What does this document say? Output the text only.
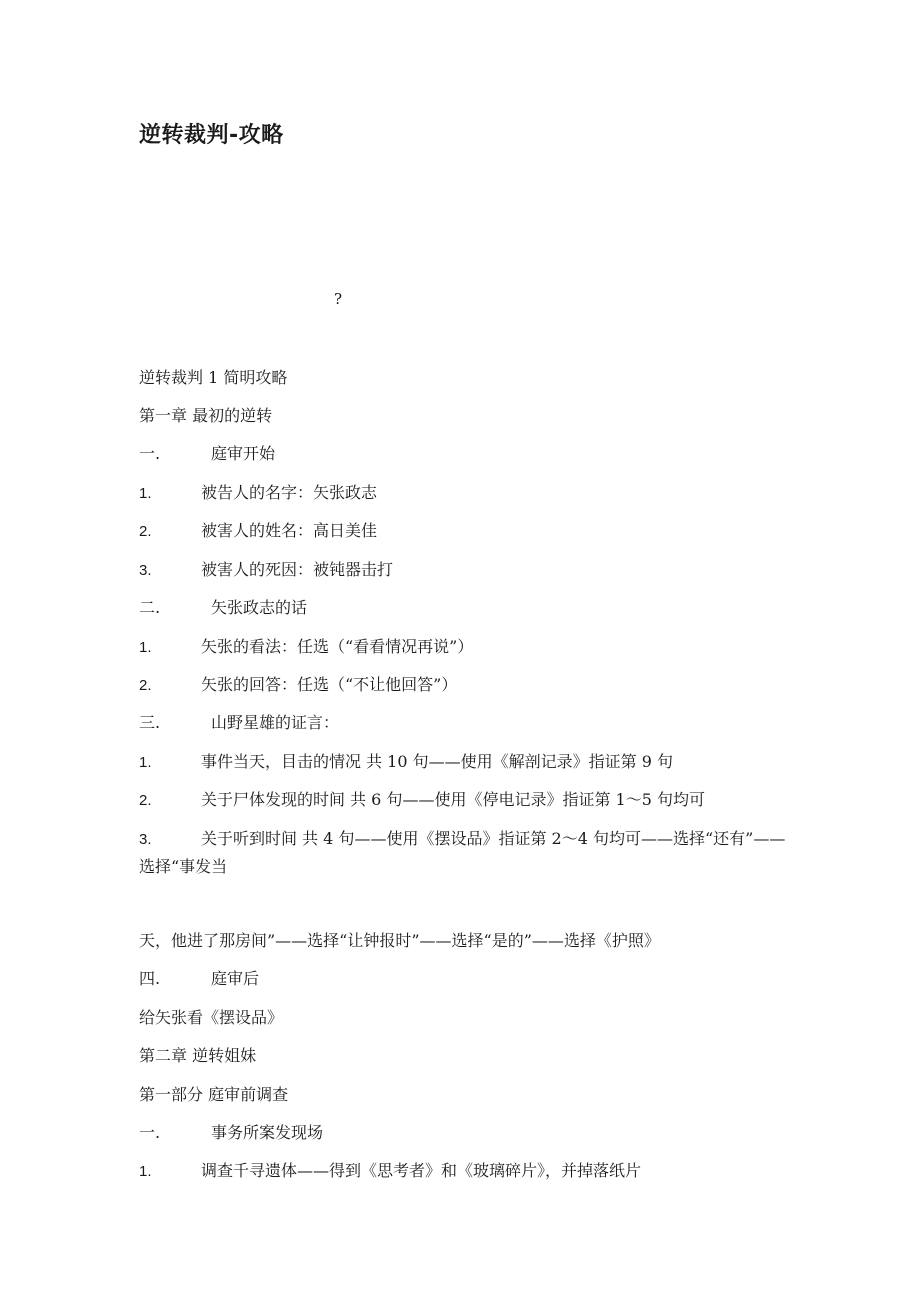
逆转裁判-攻略
?
逆转裁判 1 简明攻略
第一章 最初的逆转
一.	庭审开始
1.	被告人的名字：矢张政志
2.	被害人的姓名：高日美佳
3.	被害人的死因：被钝器击打
二.	矢张政志的话
1.	矢张的看法：任选（“看看情况再说”）
2.	矢张的回答：任选（“不让他回答”）
三.	山野星雄的证言：
1.	事件当天，目击的情况 共 10 句——使用《解剖记录》指证第 9 句
2.	关于尸体发现的时间 共 6 句——使用《停电记录》指证第 1～5 句均可
3.	关于听到时间 共 4 句——使用《摆设品》指证第 2～4 句均可——选择“还有”——选择“事发当
天，他进了那房间”——选择“让钟报时”——选择“是的”——选择《护照》
四.	庭审后
给矢张看《摆设品》
第二章 逆转姐妹
第一部分 庭审前调查
一.	事务所案发现场
1.	调查千寻遗体——得到《思考者》和《玻璃碎片》，并掉落纸片
